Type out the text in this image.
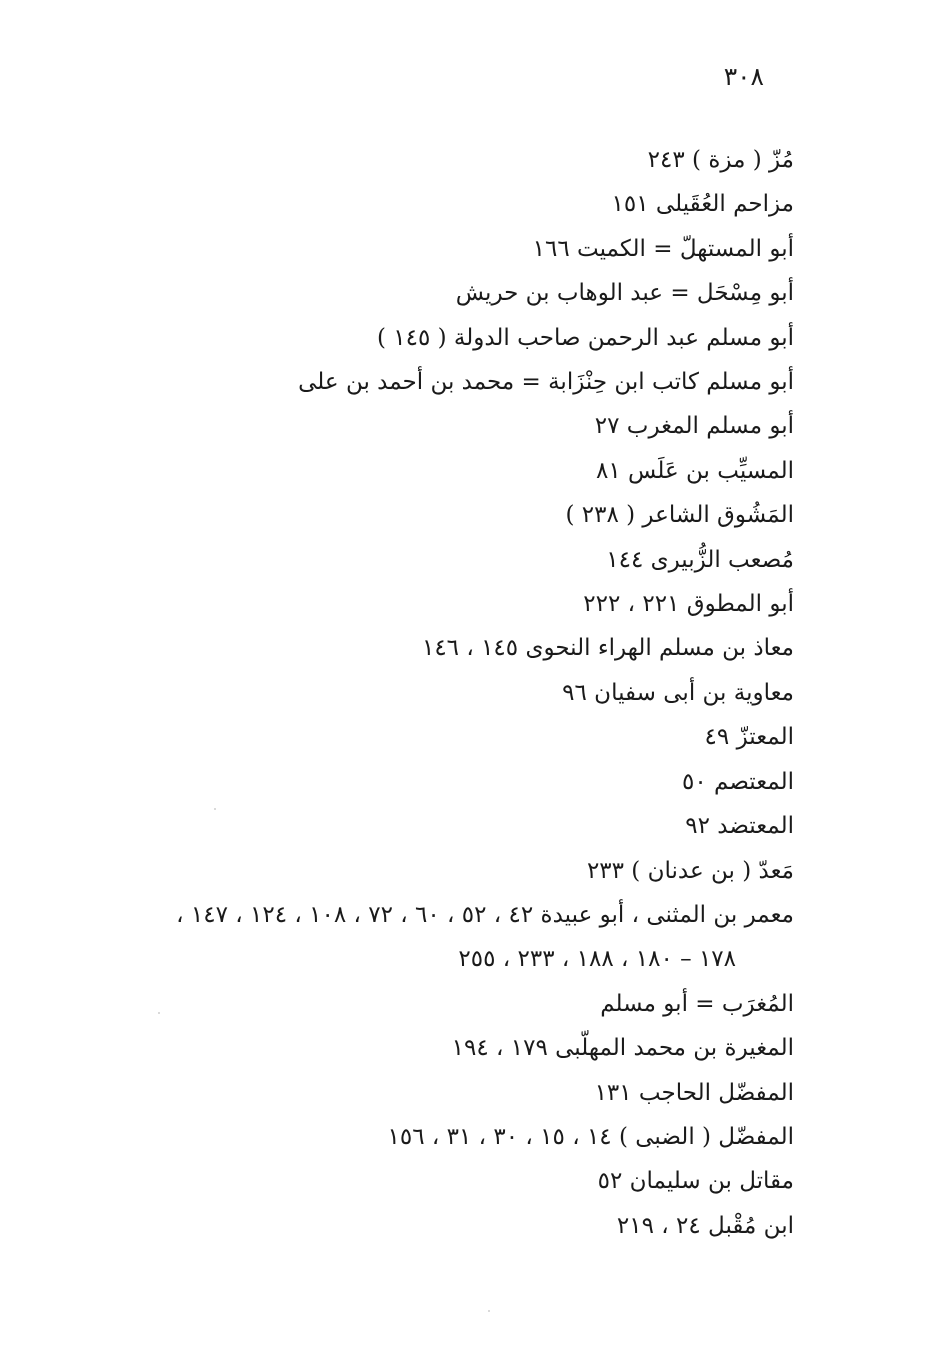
٣٠٨
مُزّ ( مزة ) ٢٤٣
مزاحم العُقَيلى ١٥١
أبو المستهلّ = الكميت ١٦٦
أبو مِسْحَل = عبد الوهاب بن حريش
أبو مسلم عبد الرحمن صاحب الدولة ( ١٤٥ )
أبو مسلم كاتب ابن حِنْزَابة = محمد بن أحمد بن على
أبو مسلم المغرب ٢٧
المسيِّب بن عَلَس ٨١
المَشُوق الشاعر ( ٢٣٨ )
مُصعب الزُّبيرى ١٤٤
أبو المطوق ٢٢١ ، ٢٢٢
معاذ بن مسلم الهراء النحوى ١٤٥ ، ١٤٦
معاوية بن أبى سفيان ٩٦
المعتزّ ٤٩
المعتصم ٥٠
المعتضد ٩٢
مَعدّ ( بن عدنان ) ٢٣٣
معمر بن المثنى ، أبو عبيدة ٤٢ ، ٥٢ ، ٦٠ ، ٧٢ ، ١٠٨ ، ١٢٤ ، ١٤٧ ،
١٧٨ – ١٨٠ ، ١٨٨ ، ٢٣٣ ، ٢٥٥
المُغرَب = أبو مسلم
المغيرة بن محمد المهلّبى ١٧٩ ، ١٩٤
المفضّل الحاجب ١٣١
المفضّل ( الضبى ) ١٤ ، ١٥ ، ٣٠ ، ٣١ ، ١٥٦
مقاتل بن سليمان ٥٢
ابن مُقْبل ٢٤ ، ٢١٩
